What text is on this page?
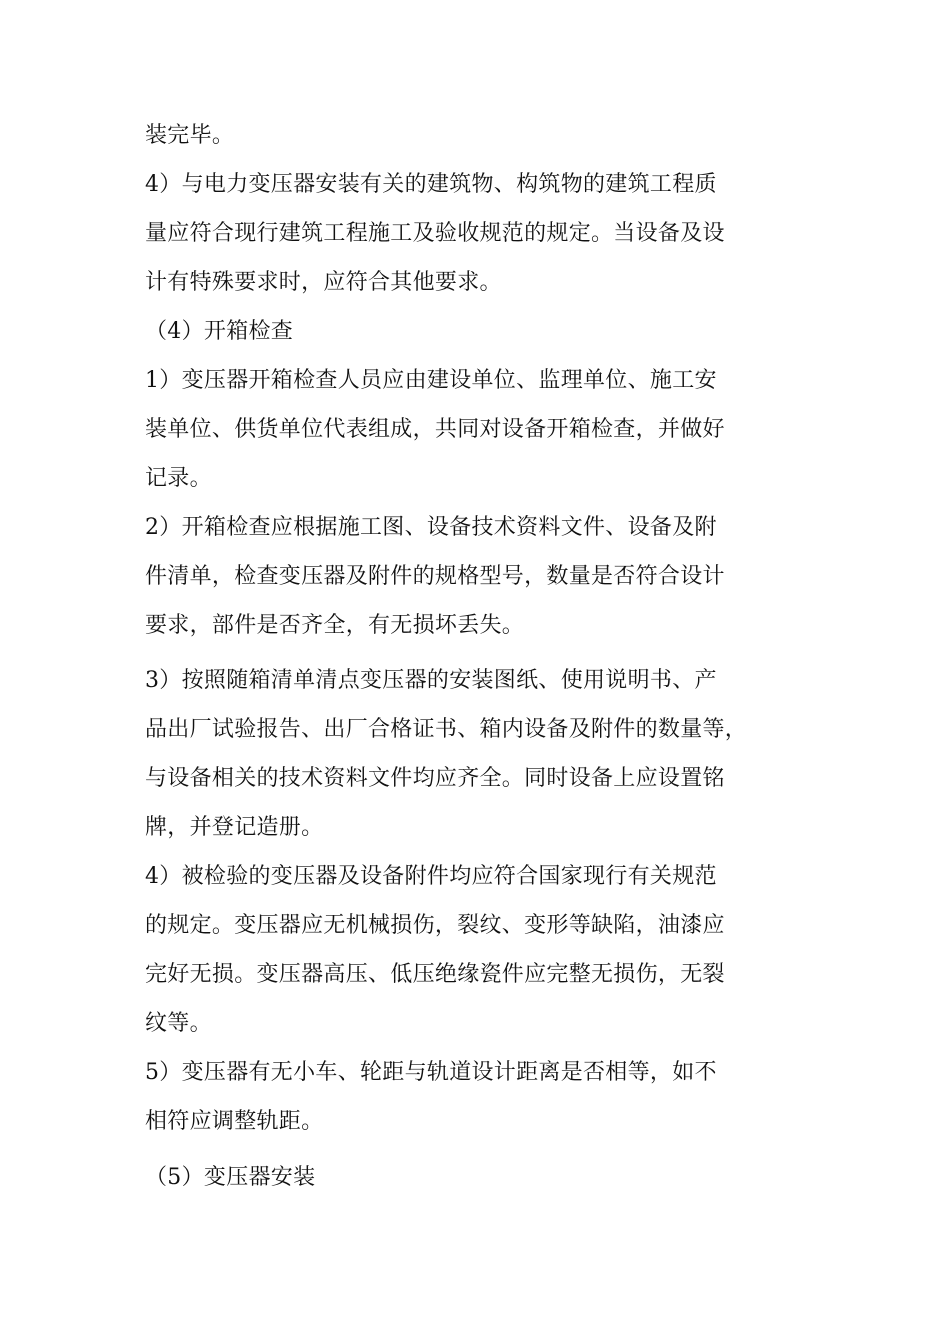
装完毕。
4）与电力变压器安装有关的建筑物、构筑物的建筑工程质
量应符合现行建筑工程施工及验收规范的规定。当设备及设
计有特殊要求时，应符合其他要求。
（4）开箱检查
1）变压器开箱检查人员应由建设单位、监理单位、施工安
装单位、供货单位代表组成，共同对设备开箱检查，并做好
记录。
2）开箱检查应根据施工图、设备技术资料文件、设备及附
件清单，检查变压器及附件的规格型号，数量是否符合设计
要求，部件是否齐全，有无损坏丢失。
3）按照随箱清单清点变压器的安装图纸、使用说明书、产
品出厂试验报告、出厂合格证书、箱内设备及附件的数量等，
与设备相关的技术资料文件均应齐全。同时设备上应设置铭
牌，并登记造册。
4）被检验的变压器及设备附件均应符合国家现行有关规范
的规定。变压器应无机械损伤，裂纹、变形等缺陷，油漆应
完好无损。变压器高压、低压绝缘瓷件应完整无损伤，无裂
纹等。
5）变压器有无小车、轮距与轨道设计距离是否相等，如不
相符应调整轨距。
（5）变压器安装
